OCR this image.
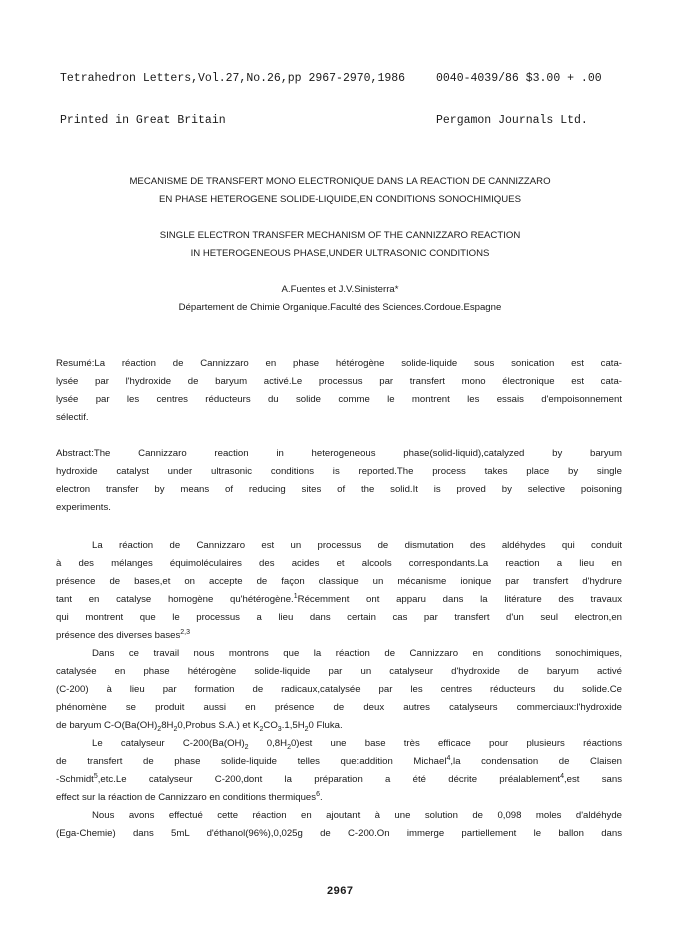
Tetrahedron Letters,Vol.27,No.26,pp 2967-2970,1986

Printed in Great Britain

0040-4039/86 $3.00 + .00

Pergamon Journals Ltd.

MECANISME DE TRANSFERT MONO ELECTRONIQUE DANS LA REACTION DE CANNIZZARO
EN PHASE HETEROGENE SOLIDE-LIQUIDE,EN CONDITIONS SONOCHIMIQUES
SINGLE ELECTRON TRANSFER MECHANISM OF THE CANNIZZARO REACTION
IN HETEROGENEOUS PHASE,UNDER ULTRASONIC CONDITIONS
A.Fuentes et J.V.Sinisterra*
Département de Chimie Organique.Faculté des Sciences.Cordoue.Espagne
Resumé:La réaction de Cannizzaro en phase hétérogène solide-liquide sous sonication est cata-
lysée par l'hydroxide de baryum activé.Le processus par transfert mono électronique est cata-
lysée par les centres réducteurs du solide comme le montrent les essais d'empoisonnement
sélectif.
Abstract:The Cannizzaro reaction in heterogeneous phase(solid-liquid),catalyzed by baryum
hydroxide catalyst under ultrasonic conditions is reported.The process takes place by single
electron transfer by means of reducing sites of the solid.It is proved by selective poisoning
experiments.
La réaction de Cannizzaro est un processus de dismutation des aldéhydes qui conduit
à des mélanges équimoléculaires des acides et alcools correspondants.La reaction a lieu en
présence de bases,et on accepte de façon classique un mécanisme ionique par transfert d'hydrure
tant en catalyse homogène qu'hétérogène.$^1$Récemment ont apparu dans la litérature des travaux
qui montrent que le processus a lieu dans certain cas par transfert d'un seul electron,en
présence des diverses bases$^{2,3}$
Dans ce travail nous montrons que la réaction de Cannizzaro en conditions sonochimiques,
catalysée en phase hétérogène solide-liquide par un catalyseur d'hydroxide de baryum activé
(C-200) à lieu par formation de radicaux,catalysée par les centres réducteurs du solide.Ce
phénomène se produit aussi en présence de deux autres catalyseurs commerciaux:l'hydroxide
de baryum $C-O(Ba(OH)_28H_20,Probus$ S.A.) et $K_2CO_3.1,5H_20$ Fluka.
Le catalyseur $C-200(Ba(OH)_2$ $0,8H_20)est$ une base très efficace pour plusieurs réactions
de transfert de phase solide-liquide telles que:addition Michael$^4$,la condensation de Claisen
-Schmidt$^5$,etc.Le catalyseur C-200,dont la préparation a été décrite préalablement$^4$,est sans
effect sur la réaction de Cannizzaro en conditions thermiques$^6$.
Nous avons effectué cette réaction en ajoutant à une solution de 0,098 moles d'aldéhyde
(Ega-Chemie) dans 5mL d'éthanol(96%),0,025g de C-200.On immerge partiellement le ballon dans
2967
